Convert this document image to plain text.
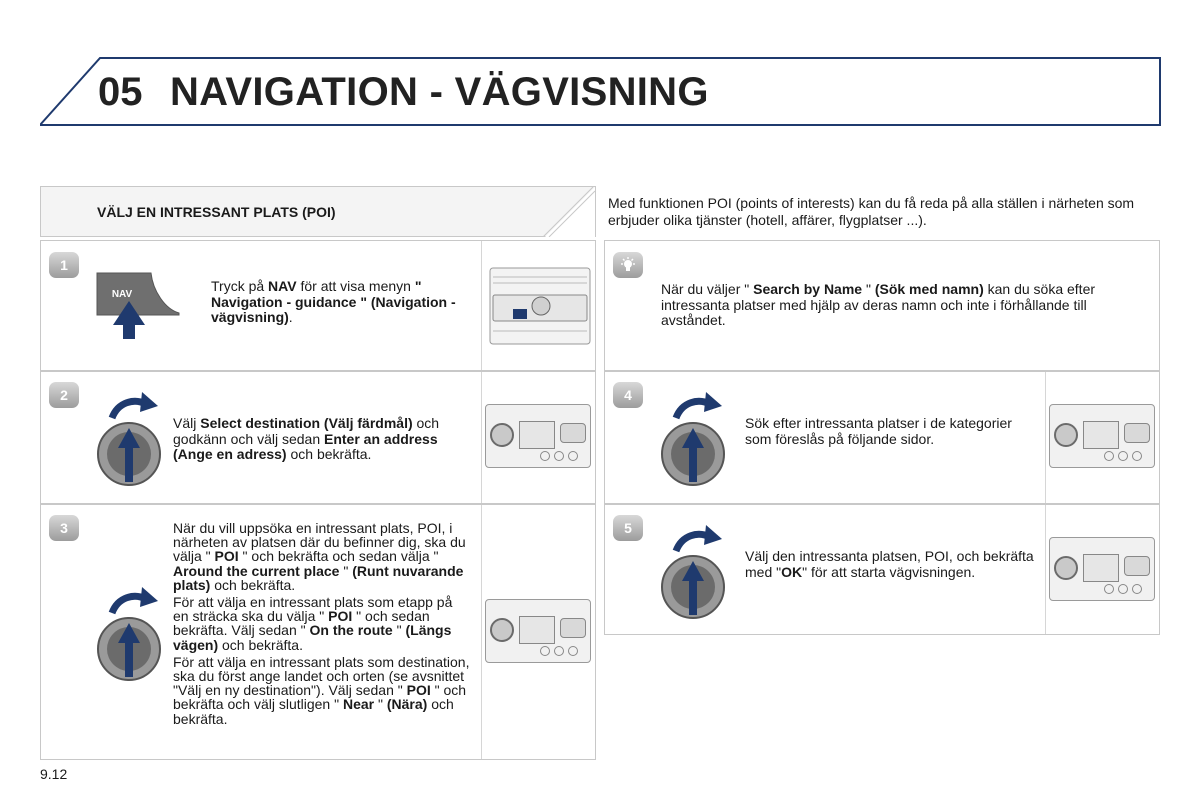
05 NAVIGATION - VÄGVISNING
VÄLJ EN INTRESSANT PLATS (POI)
Med funktionen POI (points of interests) kan du få reda på alla ställen i närheten som erbjuder olika tjänster (hotell, affärer, flygplatser ...).
1
NAV
Tryck på NAV för att visa menyn " Navigation - guidance " (Navigation - vägvisning).
2
Välj Select destination (Välj färdmål) och godkänn och välj sedan Enter an address (Ange en adress) och bekräfta.
3	När du vill uppsöka en intressant plats, POI, i närheten av platsen där du befinner dig, ska du välja " POI " och bekräfta och sedan välja " Around the current place " (Runt nuvarande plats) och bekräfta.

För att välja en intressant plats som etapp på en sträcka ska du välja " POI " och sedan bekräfta. Välj sedan " On the route " (Längs vägen) och bekräfta.

För att välja en intressant plats som destination, ska du först ange landet och orten (se avsnittet "Välj en ny destination"). Välj sedan " POI " och bekräfta och välj slutligen " Near " (Nära) och bekräfta.

När du väljer " Search by Name " (Sök med namn) kan du söka efter intressanta platser med hjälp av deras namn och inte i förhållande till avståndet.
4
Sök efter intressanta platser i de kategorier som föreslås på följande sidor.
5
Välj den intressanta platsen, POI, och bekräfta med "OK" för att starta vägvisningen.
9.12
